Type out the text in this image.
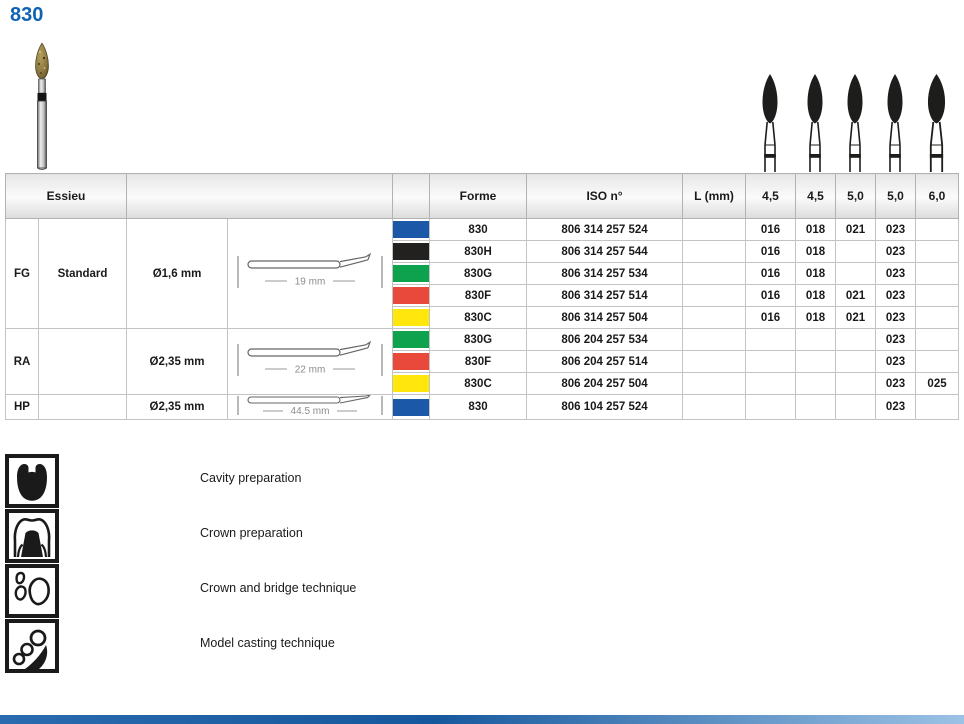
830
Essieu					Forme	ISO n°	L (mm)	4,5	4,5	5,0	5,0	6,0
FG	Standard	Ø1,6 mm	19 mm		830	806 314 257 524		016	018	021	023	

					830H	806 314 257 544		016	018		023	

					830G	806 314 257 534		016	018		023	

					830F	806 314 257 514		016	018	021	023	

					830C	806 314 257 504		016	018	021	023	
RA		Ø2,35 mm	22 mm		830G	806 204 257 534					023	

					830F	806 204 257 514					023	

					830C	806 204 257 504					023	025
HP		Ø2,35 mm	44.5 mm		830	806 104 257 524					023	
Cavity preparation
Crown preparation
Crown and bridge technique
Model casting technique
